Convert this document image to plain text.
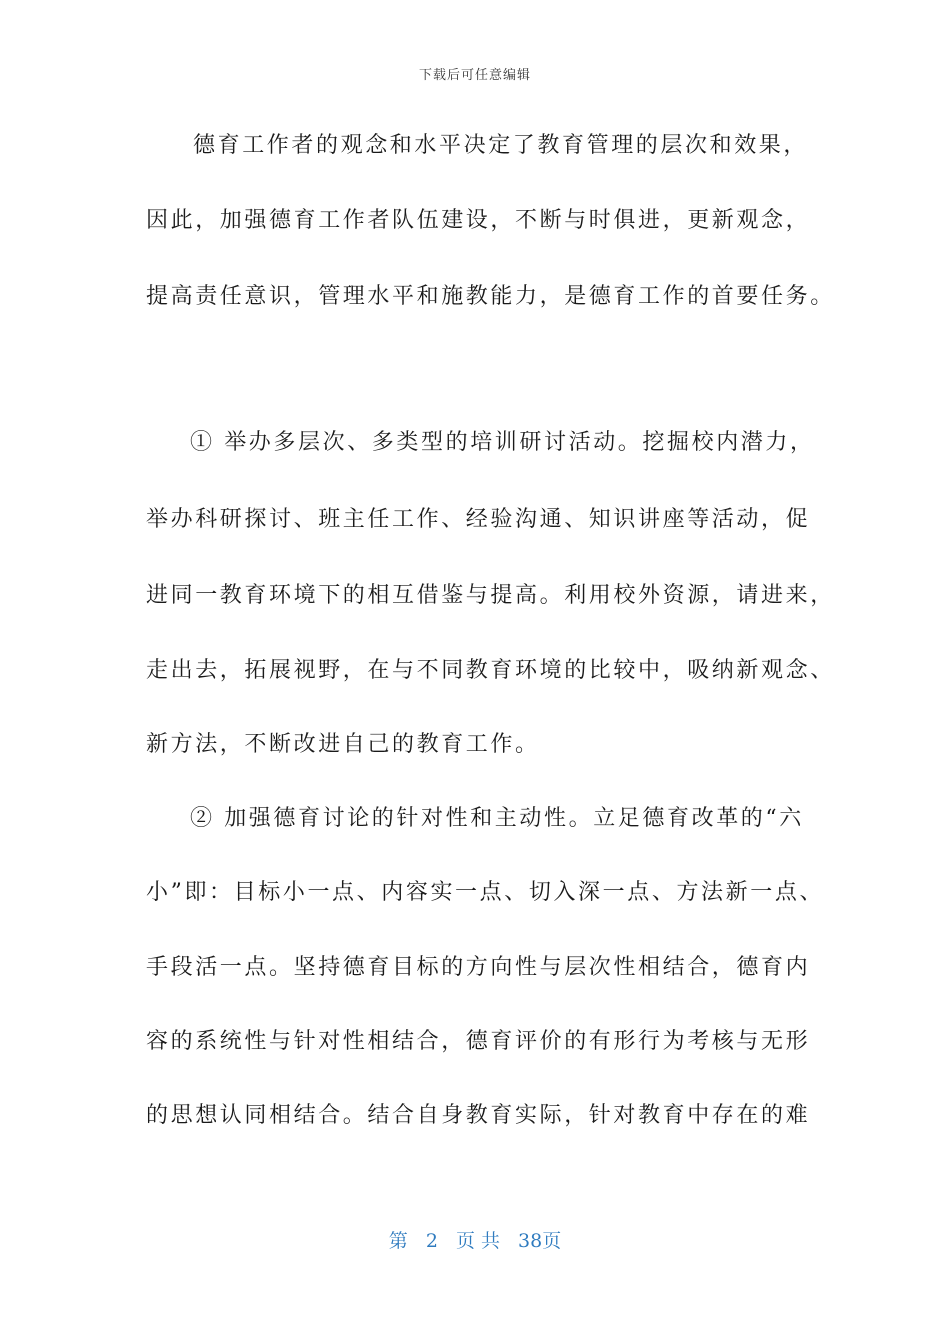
下载后可任意编辑
德育工作者的观念和水平决定了教育管理的层次和效果，
因此，加强德育工作者队伍建设，不断与时俱进，更新观念，
提高责任意识，管理水平和施教能力，是德育工作的首要任务。
① 举办多层次、多类型的培训研讨活动。挖掘校内潜力，
举办科研探讨、班主任工作、经验沟通、知识讲座等活动，促
进同一教育环境下的相互借鉴与提高。利用校外资源，请进来，
走出去，拓展视野，在与不同教育环境的比较中，吸纳新观念、
新方法，不断改进自己的教育工作。
② 加强德育讨论的针对性和主动性。立足德育改革的“六
小”即：目标小一点、内容实一点、切入深一点、方法新一点、
手段活一点。坚持德育目标的方向性与层次性相结合，德育内
容的系统性与针对性相结合，德育评价的有形行为考核与无形
的思想认同相结合。结合自身教育实际，针对教育中存在的难
第 2 页 共 38页
